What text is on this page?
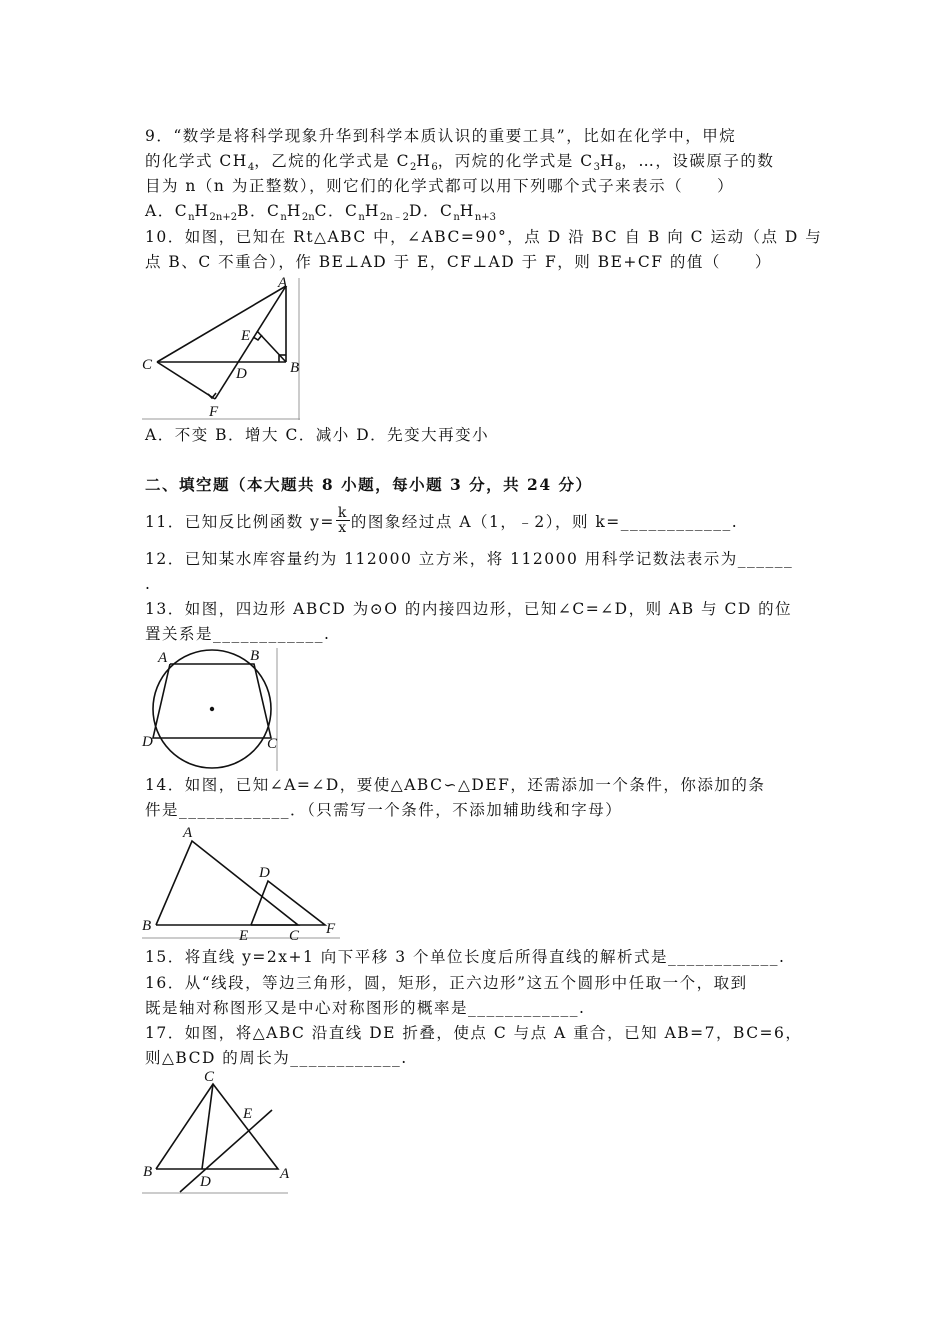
9．“数学是将科学现象升华到科学本质认识的重要工具”，比如在化学中，甲烷
的化学式 $CH_4$，乙烷的化学式是 $C_2H_6$，丙烷的化学式是 $C_3H_8$，…，设碳原子的数
目为 n（n 为正整数），则它们的化学式都可以用下列哪个式子来表示（　　）
A．$C_nH_{2n+2}B$．$C_nH_{2n}C$．$C_nH_{2n﹣2}D$．$C_nH_{n+3}$
10．如图，已知在 Rt△ABC 中，∠ABC=90°，点 D 沿 BC 自 B 向 C 运动（点 D 与
点 B、C 不重合），作 BE⊥AD 于 E，CF⊥AD 于 F，则 BE+CF 的值（　　）
A
E
C
D	B
F
A．不变 B．增大 C．减小 D．先变大再变小
二、填空题（本大题共 8 小题，每小题 3 分，共 24 分）
11．已知反比例函数 $y= \frac{k}{x}$ 的图象经过点 A（1，﹣2），则 k=____________.
12．已知某水库容量约为 112000 立方米，将 112000 用科学记数法表示为______
.
13．如图，四边形 ABCD 为⊙O 的内接四边形，已知∠C=∠D，则 AB 与 CD 的位
置关系是____________.
A	B
D	C
14．如图，已知∠A=∠D，要使△ABC∽△DEF，还需添加一个条件，你添加的条
件是____________．（只需写一个条件，不添加辅助线和字母）
A
D
B
E	C F
15．将直线 y=2x+1 向下平移 3 个单位长度后所得直线的解析式是____________.
16．从“线段，等边三角形，圆，矩形，正六边形”这五个圆形中任取一个，取到
既是轴对称图形又是中心对称图形的概率是____________.
17．如图，将△ABC 沿直线 DE 折叠，使点 C 与点 A 重合，已知 AB=7，BC=6，
则△BCD 的周长为____________.
C
E
B	A
D
